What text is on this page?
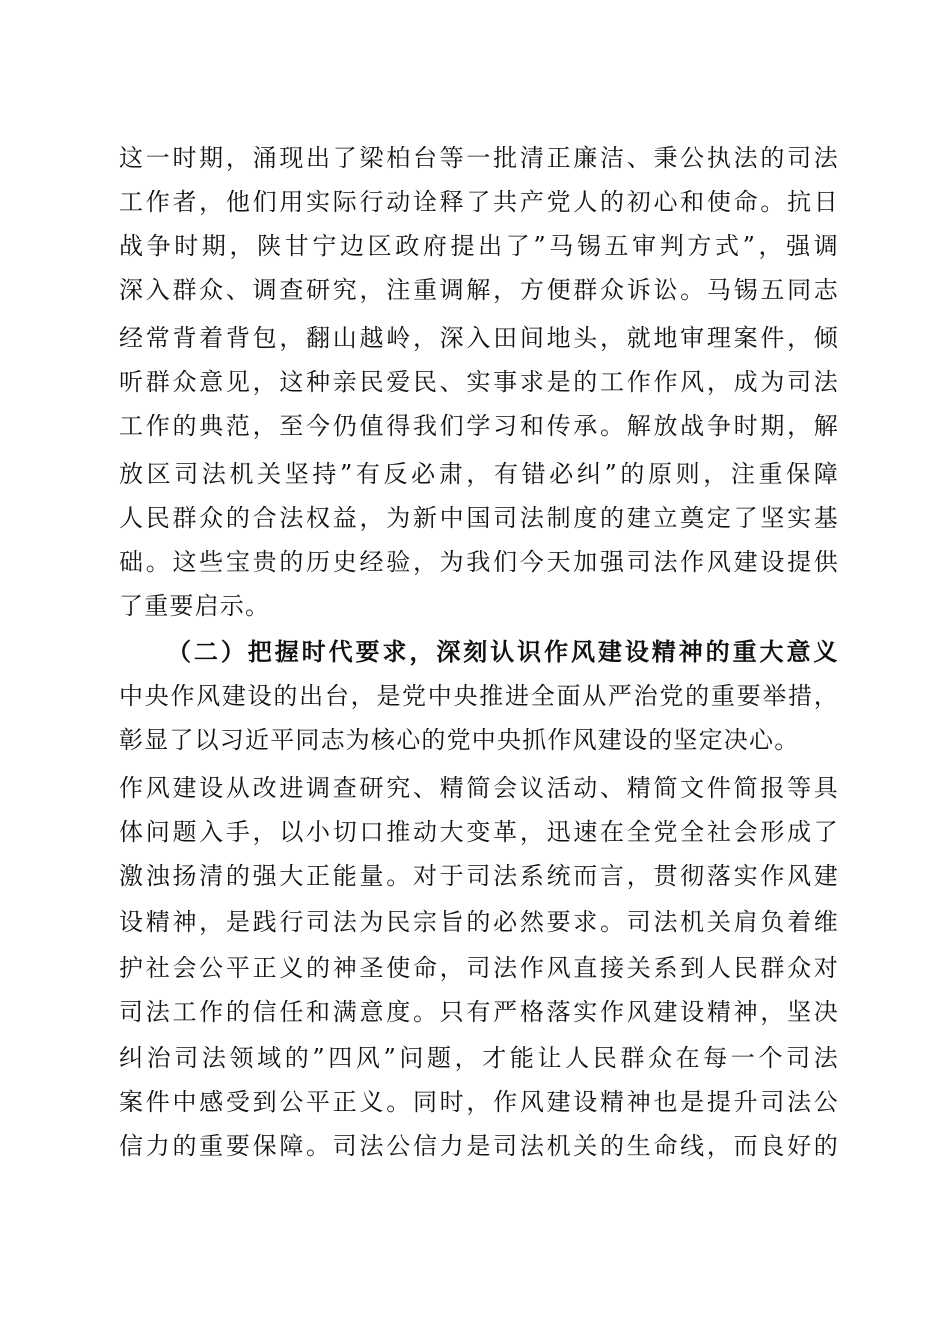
这一时期，涌现出了梁柏台等一批清正廉洁、秉公执法的司法
工作者，他们用实际行动诠释了共产党人的初心和使命。抗日
战争时期，陕甘宁边区政府提出了”马锡五审判方式”，强调
深入群众、调查研究，注重调解，方便群众诉讼。马锡五同志
经常背着背包，翻山越岭，深入田间地头，就地审理案件，倾
听群众意见，这种亲民爱民、实事求是的工作作风，成为司法
工作的典范，至今仍值得我们学习和传承。解放战争时期，解
放区司法机关坚持”有反必肃，有错必纠”的原则，注重保障
人民群众的合法权益，为新中国司法制度的建立奠定了坚实基
础。这些宝贵的历史经验，为我们今天加强司法作风建设提供
了重要启示。
（二）把握时代要求，深刻认识作风建设精神的重大意义
中央作风建设的出台，是党中央推进全面从严治党的重要举措，
彰显了以习近平同志为核心的党中央抓作风建设的坚定决心。
作风建设从改进调查研究、精简会议活动、精简文件简报等具
体问题入手，以小切口推动大变革，迅速在全党全社会形成了
激浊扬清的强大正能量。对于司法系统而言，贯彻落实作风建
设精神，是践行司法为民宗旨的必然要求。司法机关肩负着维
护社会公平正义的神圣使命，司法作风直接关系到人民群众对
司法工作的信任和满意度。只有严格落实作风建设精神，坚决
纠治司法领域的”四风”问题，才能让人民群众在每一个司法
案件中感受到公平正义。同时，作风建设精神也是提升司法公
信力的重要保障。司法公信力是司法机关的生命线，而良好的
